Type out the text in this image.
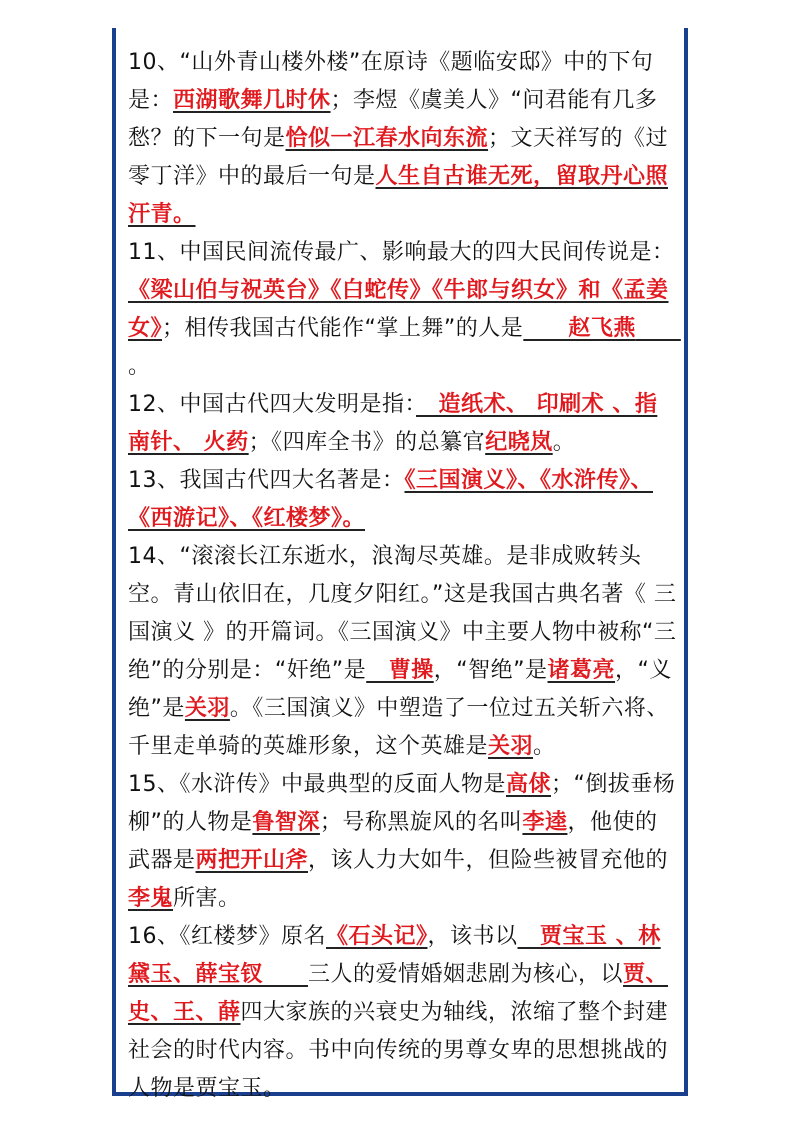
10、“山外青山楼外楼”在原诗《题临安邸》中的下句是：西湖歌舞几时休；李煜《虞美人》“问君能有几多愁？的下一句是恰似一江春水向东流；文天祥写的《过零丁洋》中的最后一句是人生自古谁无死，留取丹心照汗青。

11、中国民间流传最广、影响最大的四大民间传说是：《梁山伯与祝英台》《白蛇传》《牛郎与织女》和《孟姜女》；相传我国古代能作“掌上舞”的人是　　赵飞燕　　。

12、中国古代四大发明是指：　造纸术、 印刷术 、指南针、 火药；《四库全书》的总纂官纪晓岚。

13、我国古代四大名著是：《三国演义》、《水浒传》、《西游记》、《红楼梦》。

14、“滚滚长江东逝水，浪淘尽英雄。是非成败转头空。青山依旧在，几度夕阳红。”这是我国古典名著《 三国演义 》的开篇词。《三国演义》中主要人物中被称“三绝”的分别是：“奸绝”是　曹操，“智绝”是诸葛亮，“义绝”是关羽。《三国演义》中塑造了一位过五关斩六将、千里走单骑的英雄形象，这个英雄是关羽。

15、《水浒传》中最典型的反面人物是高俅；“倒拔垂杨柳”的人物是鲁智深；号称黑旋风的名叫李逵，他使的武器是两把开山斧，该人力大如牛，但险些被冒充他的李鬼所害。

16、《红楼梦》原名《石头记》，该书以　贾宝玉 、林黛玉、薛宝钗　　三人的爱情婚姻悲剧为核心，以贾、史、王、薛四大家族的兴衰史为轴线，浓缩了整个封建社会的时代内容。书中向传统的男尊女卑的思想挑战的人物是贾宝玉。
